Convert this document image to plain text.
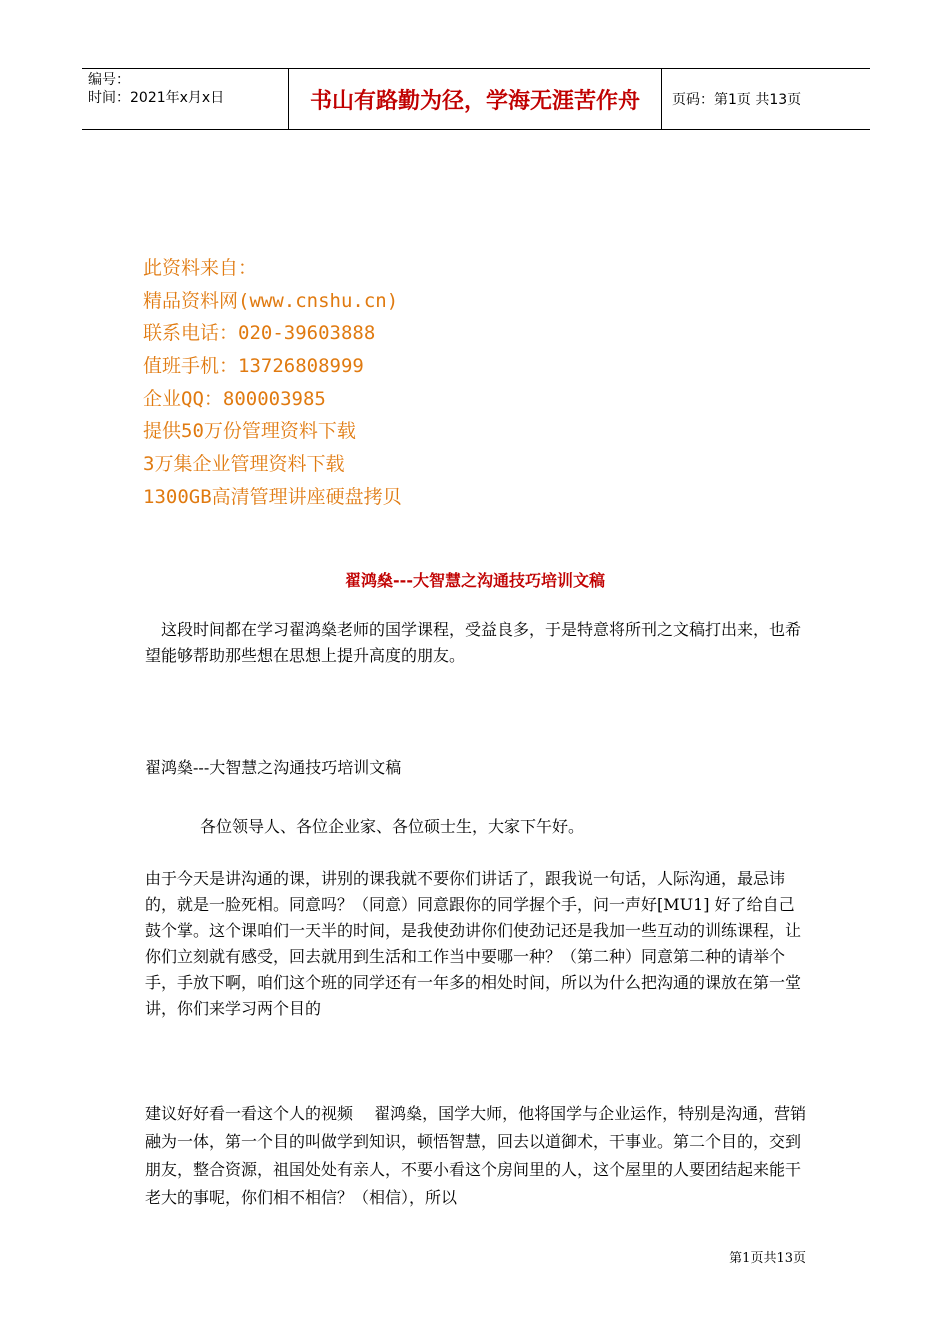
编号：
时间：2021年x月x日	书山有路勤为径，学海无涯苦作舟	页码：第1页 共13页
此资料来自：
精品资料网(www.cnshu.cn)
联系电话：020-39603888
值班手机：13726808999
企业QQ：800003985
提供50万份管理资料下载
3万集企业管理资料下载
1300GB高清管理讲座硬盘拷贝
翟鸿燊---大智慧之沟通技巧培训文稿
　这段时间都在学习翟鸿燊老师的国学课程，受益良多，于是特意将所刊之文稿打出来，也希望能够帮助那些想在思想上提升高度的朋友。
翟鸿燊---大智慧之沟通技巧培训文稿
各位领导人、各位企业家、各位硕士生，大家下午好。
由于今天是讲沟通的课，讲别的课我就不要你们讲话了，跟我说一句话，人际沟通，最忌讳的，就是一脸死相。同意吗？（同意）同意跟你的同学握个手，问一声好[MU1] 好了给自己鼓个掌。这个课咱们一天半的时间，是我使劲讲你们使劲记还是我加一些互动的训练课程，让你们立刻就有感受，回去就用到生活和工作当中要哪一种？（第二种）同意第二种的请举个手，手放下啊，咱们这个班的同学还有一年多的相处时间，所以为什么把沟通的课放在第一堂讲，你们来学习两个目的
建议好好看一看这个人的视频　 翟鸿燊，国学大师，他将国学与企业运作，特别是沟通，营销融为一体，第一个目的叫做学到知识，顿悟智慧，回去以道御术，干事业。第二个目的，交到朋友，整合资源，祖国处处有亲人，不要小看这个房间里的人，这个屋里的人要团结起来能干老大的事呢，你们相不相信？（相信），所以
第1页共13页
